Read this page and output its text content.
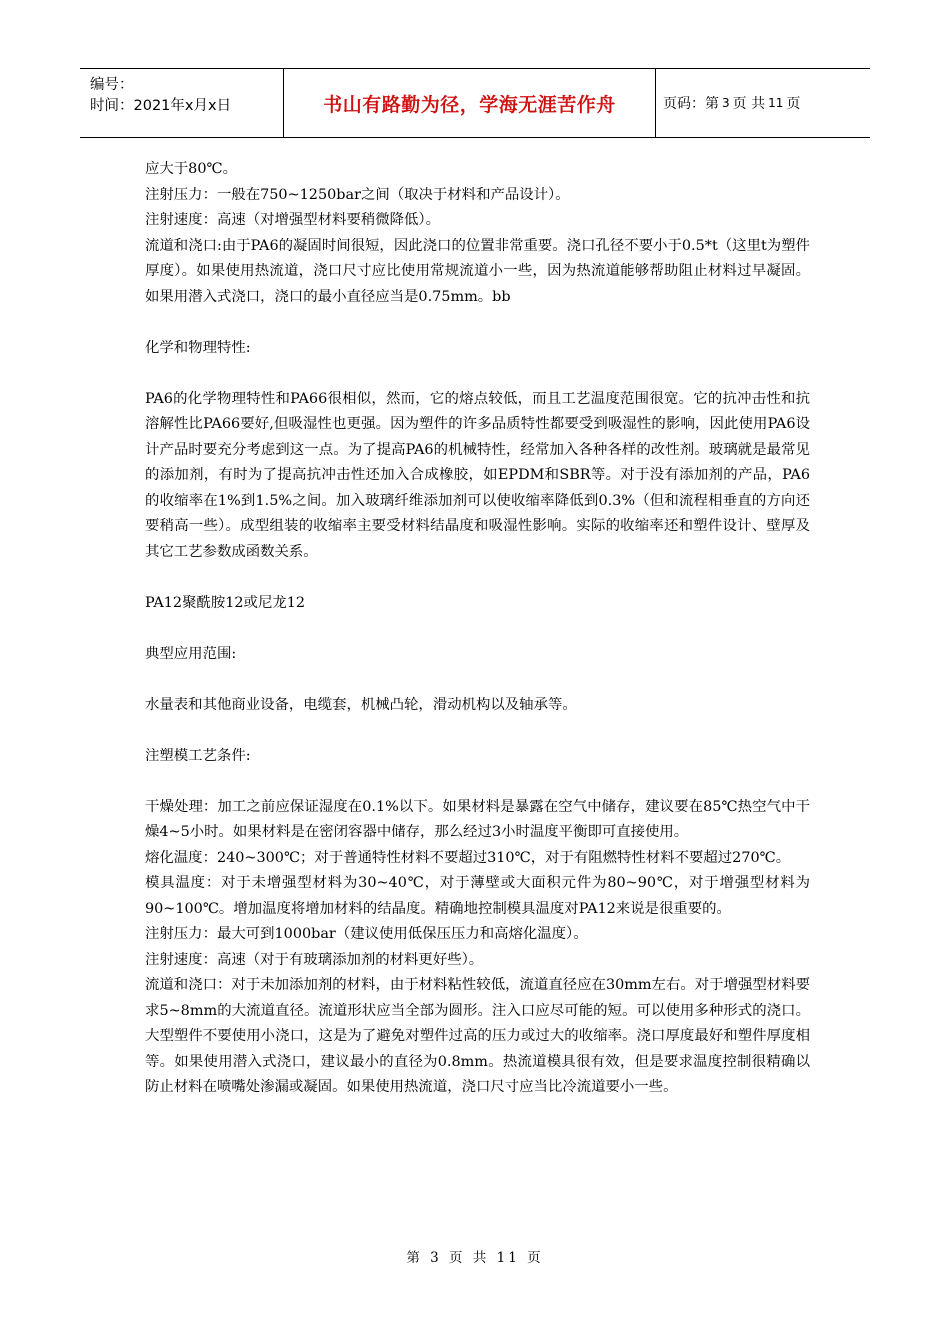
编号：
时间：2021年x月x日	书山有路勤为径，学海无涯苦作舟	页码：第 3 页 共 11 页

应大于80℃。

注射压力：一般在750~1250bar之间（取决于材料和产品设计）。

注射速度：高速（对增强型材料要稍微降低）。

流道和浇口:由于PA6的凝固时间很短，因此浇口的位置非常重要。浇口孔径不要小于0.5*t（这里t为塑件厚度）。如果使用热流道，浇口尺寸应比使用常规流道小一些，因为热流道能够帮助阻止材料过早凝固。如果用潜入式浇口，浇口的最小直径应当是0.75mm。bb

化学和物理特性:

PA6的化学物理特性和PA66很相似，然而，它的熔点较低，而且工艺温度范围很宽。它的抗冲击性和抗溶解性比PA66要好,但吸湿性也更强。因为塑件的许多品质特性都要受到吸湿性的影响，因此使用PA6设计产品时要充分考虑到这一点。为了提高PA6的机械特性，经常加入各种各样的改性剂。玻璃就是最常见的添加剂，有时为了提高抗冲击性还加入合成橡胶，如EPDM和SBR等。对于没有添加剂的产品，PA6的收缩率在1%到1.5%之间。加入玻璃纤维添加剂可以使收缩率降低到0.3%（但和流程相垂直的方向还要稍高一些）。成型组装的收缩率主要受材料结晶度和吸湿性影响。实际的收缩率还和塑件设计、壁厚及其它工艺参数成函数关系。

PA12聚酰胺12或尼龙12

典型应用范围:

水量表和其他商业设备，电缆套，机械凸轮，滑动机构以及轴承等。

注塑模工艺条件:

干燥处理：加工之前应保证湿度在0.1%以下。如果材料是暴露在空气中储存，建议要在85℃热空气中干燥4~5小时。如果材料是在密闭容器中储存，那么经过3小时温度平衡即可直接使用。

熔化温度：240~300℃；对于普通特性材料不要超过310℃，对于有阻燃特性材料不要超过270℃。

模具温度：对于未增强型材料为30~40℃，对于薄壁或大面积元件为80~90℃，对于增强型材料为90~100℃。增加温度将增加材料的结晶度。精确地控制模具温度对PA12来说是很重要的。

注射压力：最大可到1000bar（建议使用低保压压力和高熔化温度）。

注射速度：高速（对于有玻璃添加剂的材料更好些）。

流道和浇口：对于未加添加剂的材料，由于材料粘性较低，流道直径应在30mm左右。对于增强型材料要求5~8mm的大流道直径。流道形状应当全部为圆形。注入口应尽可能的短。可以使用多种形式的浇口。大型塑件不要使用小浇口，这是为了避免对塑件过高的压力或过大的收缩率。浇口厚度最好和塑件厚度相等。如果使用潜入式浇口，建议最小的直径为0.8mm。热流道模具很有效，但是要求温度控制很精确以防止材料在喷嘴处渗漏或凝固。如果使用热流道，浇口尺寸应当比冷流道要小一些。

第 3 页 共 11 页
